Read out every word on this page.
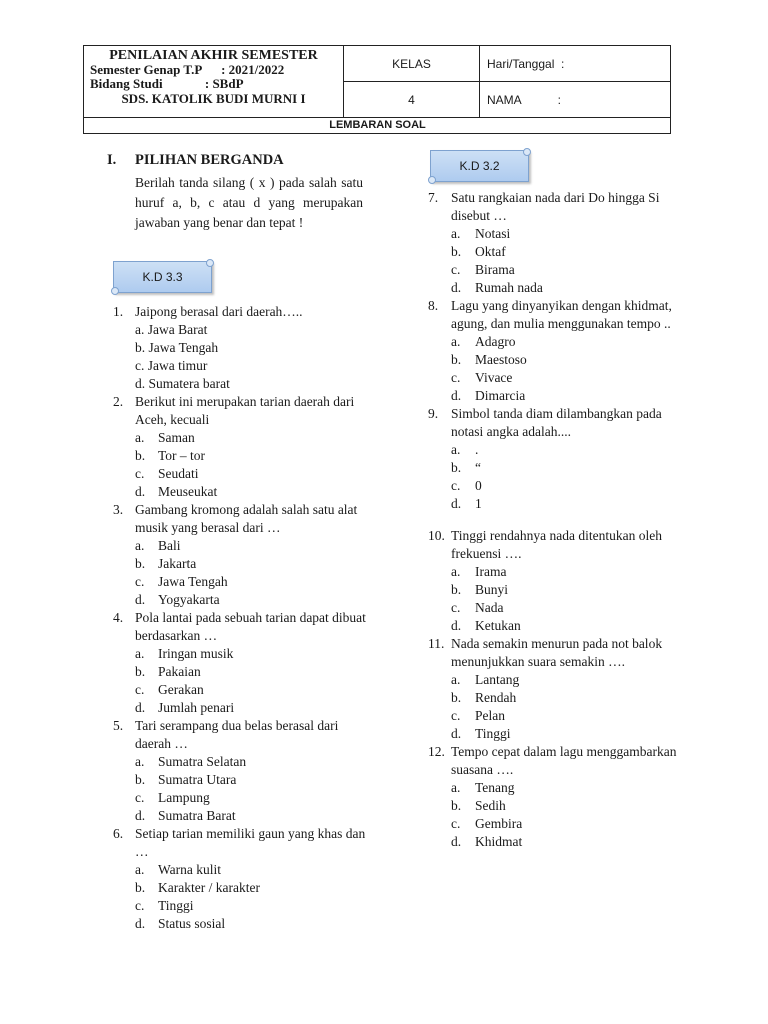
PENILAIAN AKHIR SEMESTER
Semester Genap T.P      : 2021/2022
Bidang Studi             : SBdP
SDS. KATOLIK BUDI MURNI I
KELAS	Hari/Tanggal  :
4	NAMA           :
LEMBARAN SOAL
I. PILIHAN BERGANDA
Berilah tanda silang ( x ) pada salah satu huruf a, b, c atau d yang merupakan jawaban yang benar dan tepat !
K.D 3.3
K.D 3.2
1. Jaipong berasal dari daerah…..
a. Jawa Barat
b. Jawa Tengah
c. Jawa timur
d. Sumatera barat
2. Berikut ini merupakan tarian daerah dari Aceh, kecuali
a. Saman
b. Tor – tor
c. Seudati
d. Meuseukat
3. Gambang kromong adalah salah satu alat musik yang berasal dari …
a. Bali
b. Jakarta
c. Jawa Tengah
d. Yogyakarta
4. Pola lantai pada sebuah tarian dapat dibuat berdasarkan …
a. Iringan musik
b. Pakaian
c. Gerakan
d. Jumlah penari
5. Tari serampang dua belas berasal dari daerah …
a. Sumatra Selatan
b. Sumatra Utara
c. Lampung
d. Sumatra Barat
6. Setiap tarian memiliki gaun yang khas dan …
a. Warna kulit
b. Karakter / karakter
c. Tinggi
d. Status sosial
7. Satu rangkaian nada dari Do hingga Si disebut …
a. Notasi
b. Oktaf
c. Birama
d. Rumah nada
8. Lagu yang dinyanyikan dengan khidmat, agung, dan mulia menggunakan tempo ..
a. Adagro
b. Maestoso
c. Vivace
d. Dimarcia
9. Simbol tanda diam dilambangkan pada notasi angka adalah....
a. .
b. “
c. 0
d. 1
10. Tinggi rendahnya nada ditentukan oleh frekuensi ….
a. Irama
b. Bunyi
c. Nada
d. Ketukan
11. Nada semakin menurun pada not balok menunjukkan suara semakin ….
a. Lantang
b. Rendah
c. Pelan
d. Tinggi
12. Tempo cepat dalam lagu menggambarkan suasana ….
a. Tenang
b. Sedih
c. Gembira
d. Khidmat
